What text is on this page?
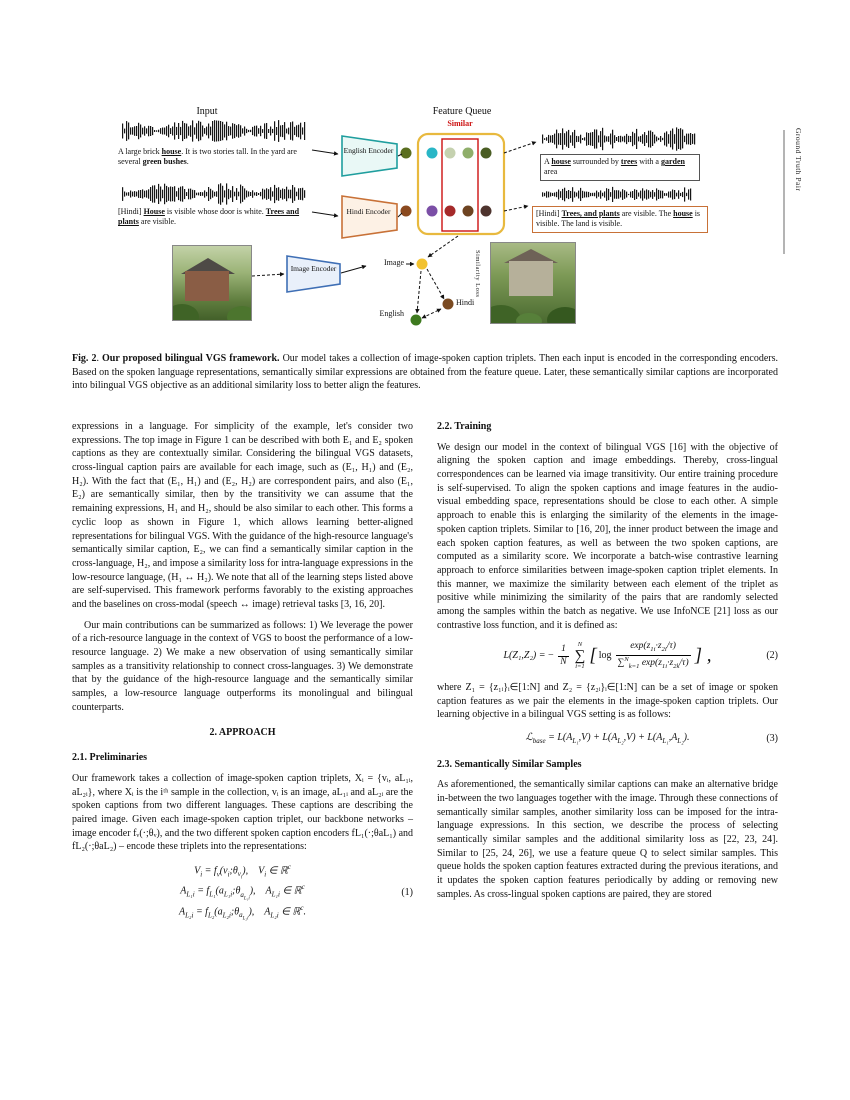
Input	Feature Queue
Similar
A large brick house. It is two stories tall. In the yard are several green bushes.
[Hindi] House is visible whose door is white. Trees and plants are visible.
English Encoder
Hindi Encoder
Image Encoder
A house surrounded by trees with a garden area
[Hindi] Trees, and plants are visible. The house is visible. The land is visible.
Ground Truth Pair
Similarity Loss
Image
English
Hindi

Fig. 2. Our proposed bilingual VGS framework. Our model takes a collection of image-spoken caption triplets. Then each input is encoded in the corresponding encoders. Based on the spoken language representations, semantically similar expressions are obtained from the feature queue. Later, these semantically similar captions are incorporated into bilingual VGS objective as an additional similarity loss to better align the features.

expressions in a language. For simplicity of the example, let's consider two expressions. The top image in Figure 1 can be described with both E₁ and E₂ spoken captions as they are contextually similar. Considering the bilingual VGS datasets, cross-lingual caption pairs are available for each image, such as (E₁, H₁) and (E₂, H₂). With the fact that (E₁, H₁) and (E₂, H₂) are correspondent pairs, and also (E₁, E₂) are semantically similar, then by the transitivity we can assume that the remaining expressions, H₁ and H₂, should be also similar to each other. This forms a cyclic loop as shown in Figure 1, which allows learning better-aligned representations for bilingual VGS. With the guidance of the high-resource language's semantically similar caption, E₂, we can find a semantically similar caption in the cross-language, H₂, and impose a similarity loss for intra-language expressions in the low-resource language, (H₁ ↔ H₂). We note that all of the learning steps listed above are self-supervised. This framework performs favorably to the existing approaches and the baselines on cross-modal (speech ↔ image) retrieval tasks [3, 16, 20].

Our main contributions can be summarized as follows: 1) We leverage the power of a rich-resource language in the context of VGS to boost the performance of a low-resource language. 2) We make a new observation of using semantically similar samples as a transitivity relationship to connect cross-languages. 3) We demonstrate that by the guidance of the high-resource language and the semantically similar samples, a low-resource language outperforms its monolingual and bilingual counterparts.

2. APPROACH
2.1. Preliminaries

Our framework takes a collection of image-spoken caption triplets, Xᵢ = {vᵢ, aL₁ᵢ, aL₂ᵢ}, where Xᵢ is the iᵗʰ sample in the collection, vᵢ is an image, aL₁ᵢ and aL₂ᵢ are the spoken captions from two different languages. These captions are describing the paired image. Given each image-spoken caption triplet, our backbone networks – image encoder fᵥ(·;θᵥ), and the two different spoken caption encoders fL₁(·;θaL₁) and fL₂(·;θaL₂) – encode these triplets into the representations:

$V_i$ = $f_v(v_i;\theta_{v_i})$,    $V_i$ ∈ ℝ$^c$
$A_{L_1i}$ = $f_{L_1}(a_{L_1i};\theta_{a_{L_1i}})$,    $A_{L_1i}$ ∈ ℝ$^c$
$A_{L_2i}$ = $f_{L_2}(a_{L_2i};\theta_{a_{L_2i}})$,    $A_{L_2i}$ ∈ ℝ$^c$.
(1)
2.2. Training

We design our model in the context of bilingual VGS [16] with the objective of aligning the spoken caption and image embeddings. Thereby, cross-lingual correspondences can be learned via image transitivity. Our entire training procedure is self-supervised. To align the spoken captions and image features in the audio-visual embedding space, representations should be close to each other. A simple approach to enable this is enlarging the similarity of the elements in the image-spoken caption triplets. Similar to [16, 20], the inner product between the image and each spoken caption features, as well as between the two spoken captions, are computed as a similarity score. We incorporate a batch-wise contrastive learning approach to enforce similarities between image-spoken caption triplet elements. In this manner, we maximize the similarity between each element of the triplet as positive while minimizing the similarity of the pairs that are randomly selected among the samples within the batch as negative. We use InfoNCE [21] loss as our contrastive loss function, and it is defined as:

L(Z₁,Z₂) = − $\frac{1}{N}$ N
∑
i=1
[ $\log \frac{\exp(z_{1i}\cdot z_{2i}/\tau)}{\sum^N_{k=1} \exp(z_{1i}\cdot z_{2k}/\tau)}$ ] ,	(2)

where Z₁ = {z₁ᵢ}ᵢ∈[1:N] and Z₂ = {z₂ᵢ}ᵢ∈[1:N] can be a set of image or spoken caption features as we pair the elements in the image-spoken caption triplets. Our learning objective in a bilingual VGS setting is as follows:

ℒ$_{base}$ = $L(A_{L_1},V) + L(A_{L_2},V) + L(A_{L_1},A_{L_2})$.	(3)
2.3. Semantically Similar Samples

As aforementioned, the semantically similar captions can make an alternative bridge in-between the two languages together with the image. Through these connections of semantically similar samples, another similarity loss can be imposed for the intra-language expressions. In this section, we describe the process of selecting semantically similar samples and the additional similarity loss as [22, 23, 24]. Similar to [25, 24, 26], we use a feature queue Q to select similar samples. This queue holds the spoken caption features extracted during the previous iterations, and it updates the spoken caption features periodically by adding or removing new samples. As cross-lingual spoken captions are paired, they are stored
